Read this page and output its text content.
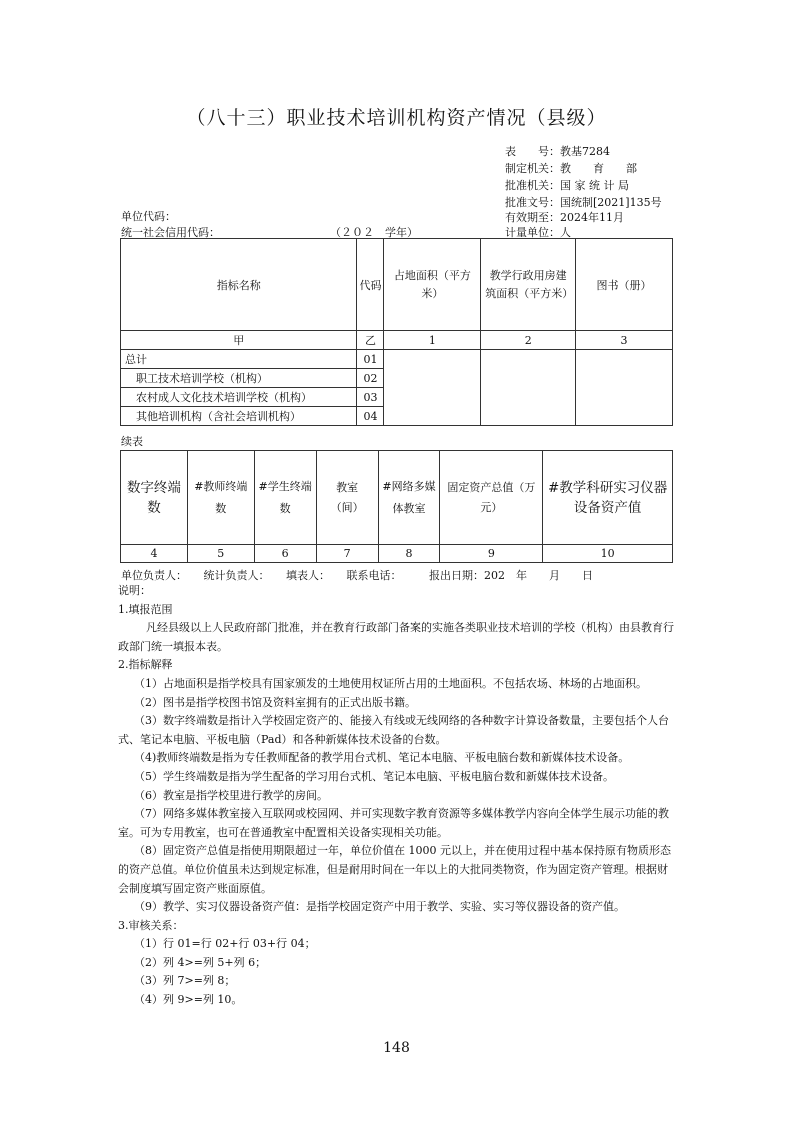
（八十三）职业技术培训机构资产情况（县级）
表　　号：教基7284
制定机关：教　　育　　部
批准机关：国 家 统 计 局
批准文号：国统制[2021]135号
有效期至：2024年11月
计量单位：人
单位代码：
统一社会信用代码：	（２０２　学年）
指标名称	代码	占地面积（平方米）	教学行政用房建筑面积（平方米）	图书（册）
甲	乙	1	2	3
总计	01			
　职工技术培训学校（机构）	02			
　农村成人文化技术培训学校（机构）	03			
　其他培训机构（含社会培训机构）	04			
续表
数字终端数	#教师终端数	#学生终端数	教室（间）	#网络多媒体教室	固定资产总值（万元）	#教学科研实习仪器设备资产值
4	5	6	7	8	9	10
单位负责人：　　统计负责人：　　填表人：　　联系电话：　　　报出日期：202　年　　月　　日
说明：
1.填报范围
凡经县级以上人民政府部门批准，并在教育行政部门备案的实施各类职业技术培训的学校（机构）由县教育行政部门统一填报本表。
2.指标解释
（1）占地面积是指学校具有国家颁发的土地使用权证所占用的土地面积。不包括农场、林场的占地面积。
（2）图书是指学校图书馆及资料室拥有的正式出版书籍。
（3）数字终端数是指计入学校固定资产的、能接入有线或无线网络的各种数字计算设备数量，主要包括个人台式、笔记本电脑、平板电脑（Pad）和各种新媒体技术设备的台数。
（4)教师终端数是指为专任教师配备的教学用台式机、笔记本电脑、平板电脑台数和新媒体技术设备。
（5）学生终端数是指为学生配备的学习用台式机、笔记本电脑、平板电脑台数和新媒体技术设备。
（6）教室是指学校里进行教学的房间。
（7）网络多媒体教室接入互联网或校园网、并可实现数字教育资源等多媒体教学内容向全体学生展示功能的教室。可为专用教室，也可在普通教室中配置相关设备实现相关功能。
（8）固定资产总值是指使用期限超过一年，单位价值在 1000 元以上，并在使用过程中基本保持原有物质形态的资产总值。单位价值虽未达到规定标准，但是耐用时间在一年以上的大批同类物资，作为固定资产管理。根据财会制度填写固定资产账面原值。
（9）教学、实习仪器设备资产值：是指学校固定资产中用于教学、实验、实习等仪器设备的资产值。
3.审核关系：
（1）行 01=行 02+行 03+行 04；
（2）列 4>=列 5+列 6；
（3）列 7>=列 8；
（4）列 9>=列 10。
148
